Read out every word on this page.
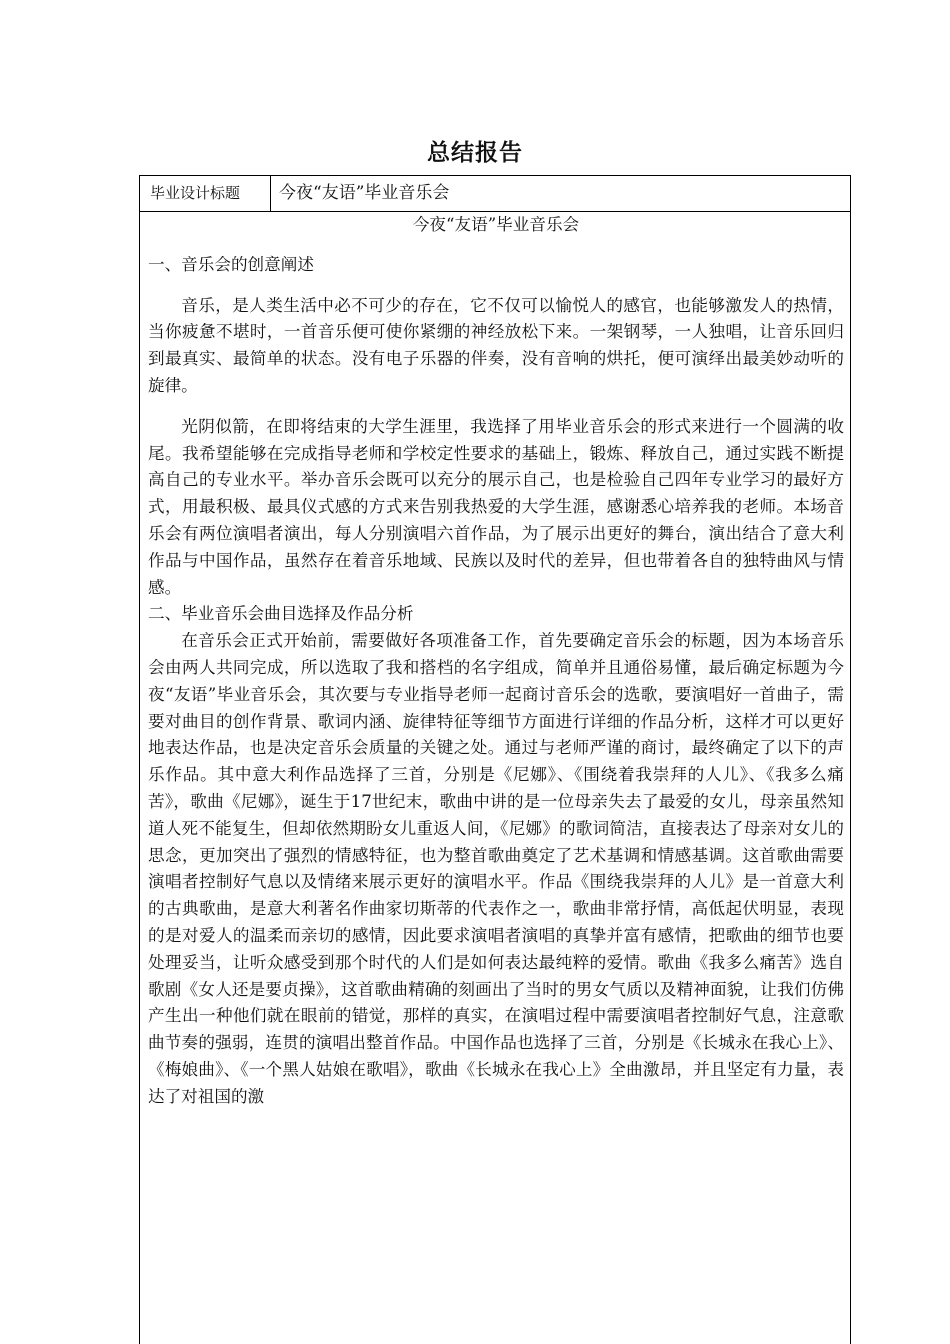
总结报告
毕业设计标题	今夜“友语”毕业音乐会

今夜“友语”毕业音乐会

一、音乐会的创意阐述

音乐，是人类生活中必不可少的存在，它不仅可以愉悦人的感官，也能够激发人的热情，当你疲惫不堪时，一首音乐便可使你紧绷的神经放松下来。一架钢琴，一人独唱，让音乐回归到最真实、最简单的状态。没有电子乐器的伴奏，没有音响的烘托，便可演绎出最美妙动听的旋律。

光阴似箭，在即将结束的大学生涯里，我选择了用毕业音乐会的形式来进行一个圆满的收尾。我希望能够在完成指导老师和学校定性要求的基础上，锻炼、释放自己，通过实践不断提高自己的专业水平。举办音乐会既可以充分的展示自己，也是检验自己四年专业学习的最好方式，用最积极、最具仪式感的方式来告别我热爱的大学生涯，感谢悉心培养我的老师。本场音乐会有两位演唱者演出，每人分别演唱六首作品，为了展示出更好的舞台，演出结合了意大利作品与中国作品，虽然存在着音乐地域、民族以及时代的差异，但也带着各自的独特曲风与情感。

二、毕业音乐会曲目选择及作品分析

在音乐会正式开始前，需要做好各项准备工作，首先要确定音乐会的标题，因为本场音乐会由两人共同完成，所以选取了我和搭档的名字组成，简单并且通俗易懂，最后确定标题为今夜“友语”毕业音乐会，其次要与专业指导老师一起商讨音乐会的选歌，要演唱好一首曲子，需要对曲目的创作背景、歌词内涵、旋律特征等细节方面进行详细的作品分析，这样才可以更好地表达作品，也是决定音乐会质量的关键之处。通过与老师严谨的商讨，最终确定了以下的声乐作品。其中意大利作品选择了三首，分别是《尼娜》、《围绕着我崇拜的人儿》、《我多么痛苦》，歌曲《尼娜》，诞生于17世纪末，歌曲中讲的是一位母亲失去了最爱的女儿，母亲虽然知道人死不能复生，但却依然期盼女儿重返人间，《尼娜》的歌词简洁，直接表达了母亲对女儿的思念，更加突出了强烈的情感特征，也为整首歌曲奠定了艺术基调和情感基调。这首歌曲需要演唱者控制好气息以及情绪来展示更好的演唱水平。作品《围绕我崇拜的人儿》是一首意大利的古典歌曲，是意大利著名作曲家切斯蒂的代表作之一，歌曲非常抒情，高低起伏明显，表现的是对爱人的温柔而亲切的感情，因此要求演唱者演唱的真挚并富有感情，把歌曲的细节也要处理妥当，让听众感受到那个时代的人们是如何表达最纯粹的爱情。歌曲《我多么痛苦》选自歌剧《女人还是要贞操》，这首歌曲精确的刻画出了当时的男女气质以及精神面貌，让我们仿佛产生出一种他们就在眼前的错觉，那样的真实，在演唱过程中需要演唱者控制好气息，注意歌曲节奏的强弱，连贯的演唱出整首作品。中国作品也选择了三首，分别是《长城永在我心上》、《梅娘曲》、《一个黑人姑娘在歌唱》，歌曲《长城永在我心上》全曲激昂，并且坚定有力量，表达了对祖国的激
